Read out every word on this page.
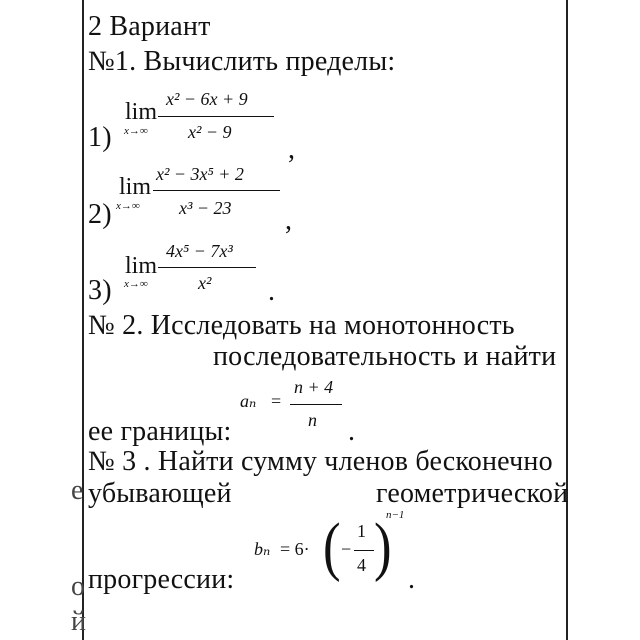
2 Вариант
№1. Вычислить пределы:
1)
lim
x→∞
x² − 6x + 9
x² − 9
,
2)
lim
x→∞
x² − 3x⁵ + 2
x³ − 23 ,
3)
lim
x→∞
4x⁵ − 7x³
x² .
№ 2. Исследовать на монотонность
последовательность и найти
ее границы:
aₙ =
n + 4
n .
№ 3 . Найти сумму членов бесконечно
убывающей	геометрической
прогрессии:
bₙ = 6· ( −
1
4 )
n−1
.
е
о
й
